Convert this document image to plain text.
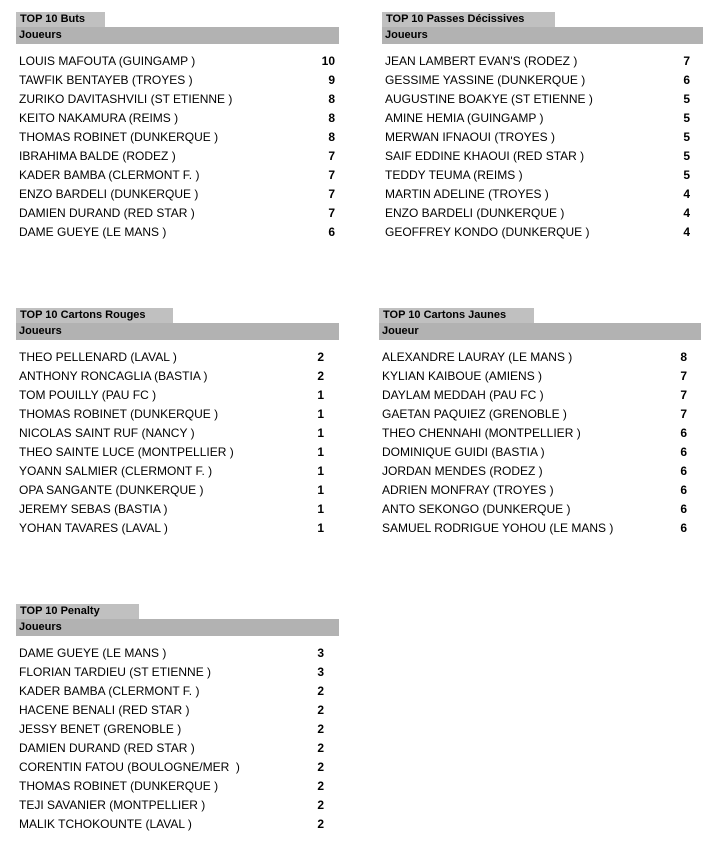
TOP 10 Buts
Joueurs
LOUIS MAFOUTA (GUINGAMP )	10
TAWFIK BENTAYEB (TROYES )	9
ZURIKO DAVITASHVILI (ST ETIENNE )	8
KEITO NAKAMURA (REIMS )	8
THOMAS ROBINET (DUNKERQUE )	8
IBRAHIMA BALDE (RODEZ )	7
KADER BAMBA (CLERMONT F. )	7
ENZO BARDELI (DUNKERQUE )	7
DAMIEN DURAND (RED STAR )	7
DAME GUEYE (LE MANS )	6
TOP 10 Passes Décissives
Joueurs
JEAN LAMBERT EVAN'S (RODEZ )	7
GESSIME YASSINE (DUNKERQUE )	6
AUGUSTINE BOAKYE (ST ETIENNE )	5
AMINE HEMIA (GUINGAMP )	5
MERWAN IFNAOUI (TROYES )	5
SAIF EDDINE KHAOUI (RED STAR )	5
TEDDY TEUMA (REIMS )	5
MARTIN ADELINE (TROYES )	4
ENZO BARDELI (DUNKERQUE )	4
GEOFFREY KONDO (DUNKERQUE )	4
TOP 10 Cartons Rouges
Joueurs
THEO PELLENARD (LAVAL )	2
ANTHONY RONCAGLIA (BASTIA )	2
TOM POUILLY (PAU FC )	1
THOMAS ROBINET (DUNKERQUE )	1
NICOLAS SAINT RUF (NANCY )	1
THEO SAINTE LUCE (MONTPELLIER )	1
YOANN SALMIER (CLERMONT F. )	1
OPA SANGANTE (DUNKERQUE )	1
JEREMY SEBAS (BASTIA )	1
YOHAN TAVARES (LAVAL )	1
TOP 10 Cartons Jaunes
Joueur
ALEXANDRE LAURAY (LE MANS )	8
KYLIAN KAIBOUE (AMIENS )	7
DAYLAM MEDDAH (PAU FC )	7
GAETAN PAQUIEZ (GRENOBLE )	7
THEO CHENNAHI (MONTPELLIER )	6
DOMINIQUE GUIDI (BASTIA )	6
JORDAN MENDES (RODEZ )	6
ADRIEN MONFRAY (TROYES )	6
ANTO SEKONGO (DUNKERQUE )	6
SAMUEL RODRIGUE YOHOU (LE MANS )	6
TOP 10 Penalty
Joueurs
DAME GUEYE (LE MANS )	3
FLORIAN TARDIEU (ST ETIENNE )	3
KADER BAMBA (CLERMONT F. )	2
HACENE BENALI (RED STAR )	2
JESSY BENET (GRENOBLE )	2
DAMIEN DURAND (RED STAR )	2
CORENTIN FATOU (BOULOGNE/MER  )	2
THOMAS ROBINET (DUNKERQUE )	2
TEJI SAVANIER (MONTPELLIER )	2
MALIK TCHOKOUNTE (LAVAL )	2
